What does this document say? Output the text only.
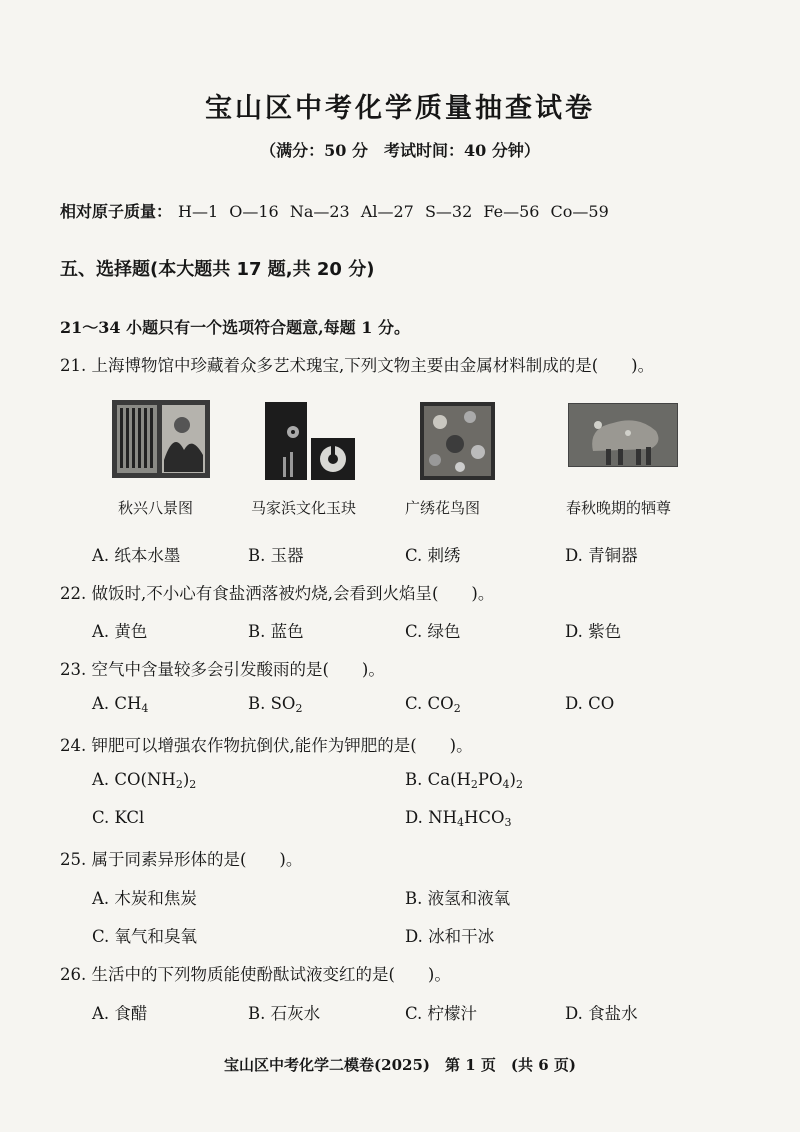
宝山区中考化学质量抽查试卷
（满分：50 分　考试时间：40 分钟）
相对原子质量： H—1 O—16 Na—23 Al—27 S—32 Fe—56 Co—59
五、选择题(本大题共 17 题,共 20 分)
21～34 小题只有一个选项符合题意,每题 1 分。
21. 上海博物馆中珍藏着众多艺术瑰宝,下列文物主要由金属材料制成的是(　　)。
秋兴八景图	马家浜文化玉玦	广绣花鸟图	春秋晚期的牺尊
A. 纸本水墨	B. 玉器	C. 刺绣	D. 青铜器
22. 做饭时,不小心有食盐洒落被灼烧,会看到火焰呈(　　)。
A. 黄色	B. 蓝色	C. 绿色	D. 紫色
23. 空气中含量较多会引发酸雨的是(　　)。
A. $CH_4$	B. $SO_2$	C. $CO_2$	D. CO
24. 钾肥可以增强农作物抗倒伏,能作为钾肥的是(　　)。
A. $CO(NH_2)_2$	B. $Ca(H_2PO_4)_2$
C. KCl	D. $NH_4HCO_3$
25. 属于同素异形体的是(　　)。
A. 木炭和焦炭	B. 液氢和液氧
C. 氧气和臭氧	D. 冰和干冰
26. 生活中的下列物质能使酚酞试液变红的是(　　)。
A. 食醋	B. 石灰水	C. 柠檬汁	D. 食盐水
宝山区中考化学二模卷(2025)　第 1 页　(共 6 页)
